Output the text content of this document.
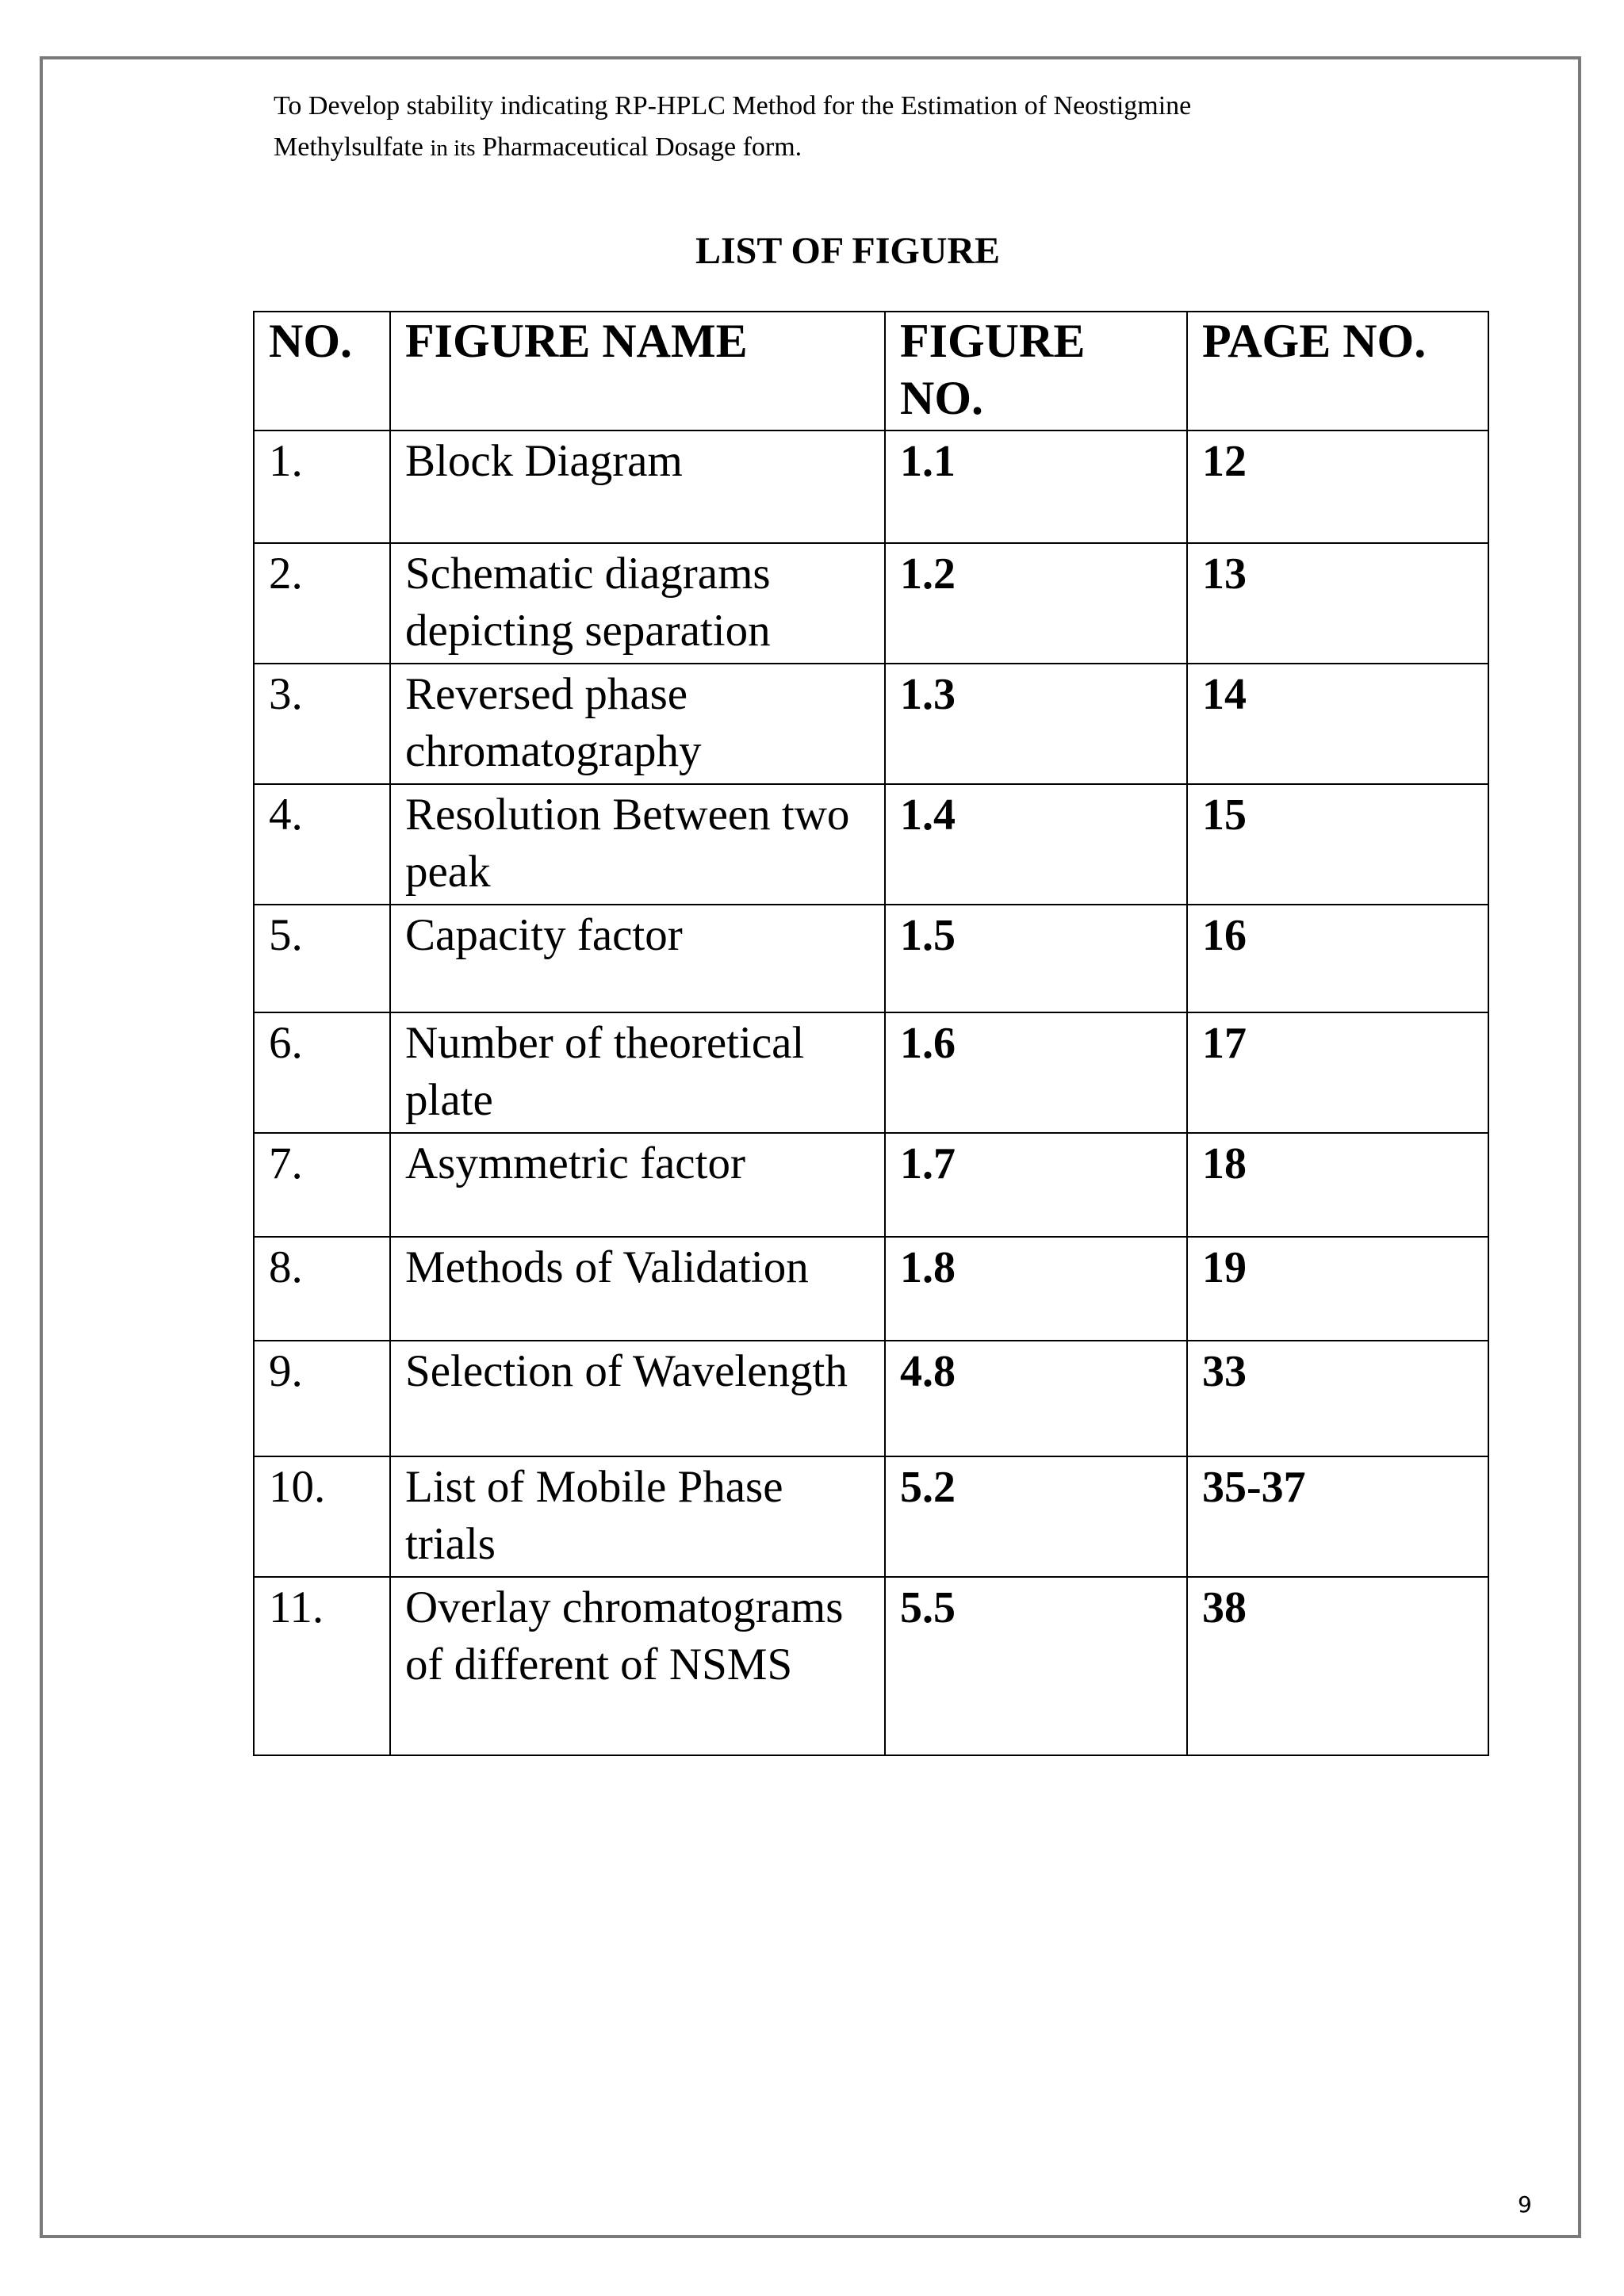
To Develop stability indicating RP-HPLC Method for the Estimation of Neostigmine
Methylsulfate in its Pharmaceutical Dosage form.
LIST OF FIGURE
NO.	FIGURE NAME	FIGURE NO.	PAGE NO.
1.	Block Diagram	1.1	12
2.	Schematic diagrams depicting separation	1.2	13
3.	Reversed phase chromatography	1.3	14
4.	Resolution Between two peak	1.4	15
5.	Capacity factor	1.5	16
6.	Number of theoretical plate	1.6	17
7.	Asymmetric factor	1.7	18
8.	Methods of Validation	1.8	19
9.	Selection of Wavelength	4.8	33
10.	List of Mobile Phase trials	5.2	35-37
11.	Overlay chromatograms of different of NSMS	5.5	38
9
